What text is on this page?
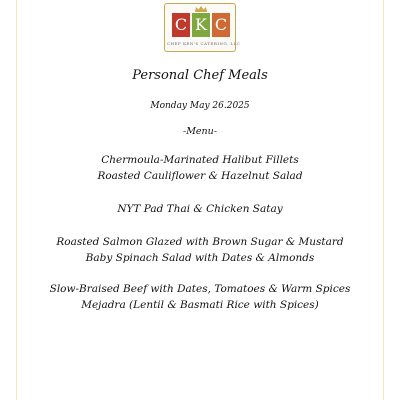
C K C
CHEF KEN'S CATERING, LLC
Personal Chef Meals
Monday May 26.2025
-Menu-
Chermoula-Marinated Halibut Fillets
Roasted Cauliflower & Hazelnut Salad
NYT Pad Thai & Chicken Satay
Roasted Salmon Glazed with Brown Sugar & Mustard
Baby Spinach Salad with Dates & Almonds
Slow-Braised Beef with Dates, Tomatoes & Warm Spices
Mejadra (Lentil & Basmati Rice with Spices)
